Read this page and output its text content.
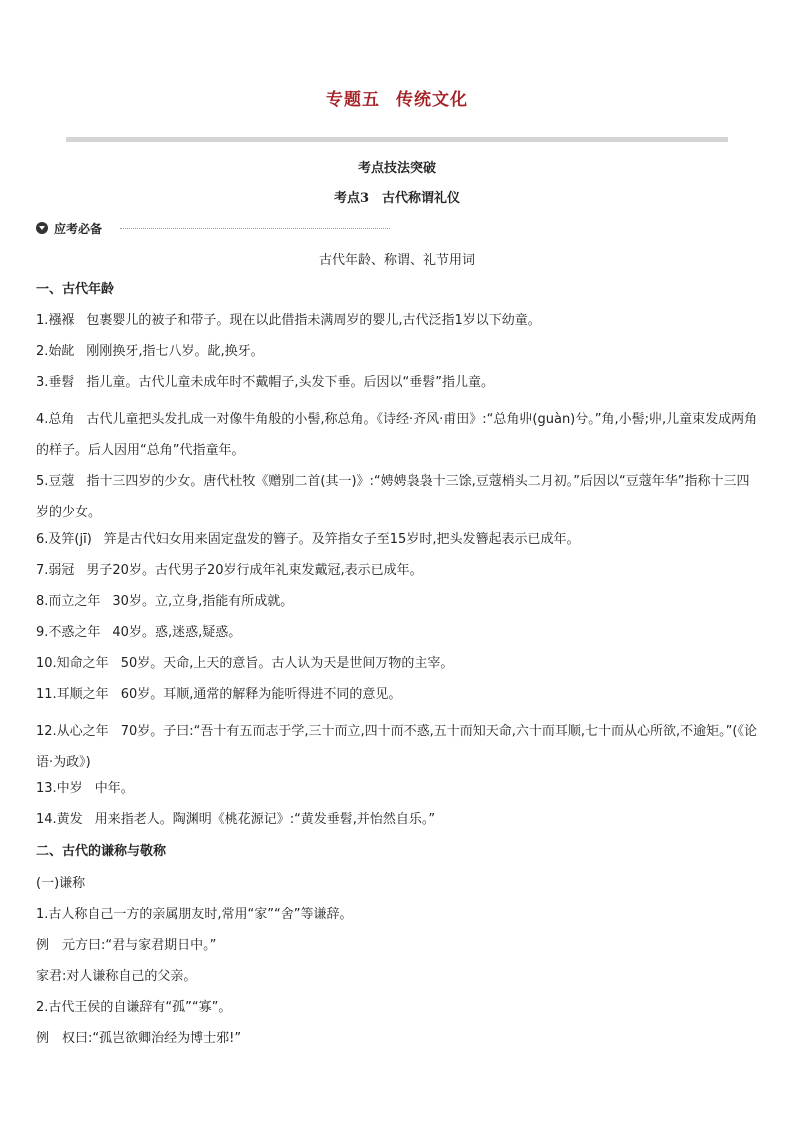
专题五 传统文化
考点技法突破
考点3　古代称谓礼仪
应考必备
古代年龄、称谓、礼节用词
一、古代年龄
1.襁褓 包裹婴儿的被子和带子。现在以此借指未满周岁的婴儿,古代泛指1岁以下幼童。
2.始龀 刚刚换牙,指七八岁。龀,换牙。
3.垂髫 指儿童。古代儿童未成年时不戴帽子,头发下垂。后因以“垂髫”指儿童。
4.总角 古代儿童把头发扎成一对像牛角般的小髻,称总角。《诗经·齐风·甫田》:“总角丱(guàn)兮。”角,小髻;丱,儿童束发成两角的样子。后人因用“总角”代指童年。
5.豆蔻 指十三四岁的少女。唐代杜牧《赠别二首(其一)》:“娉娉袅袅十三馀,豆蔻梢头二月初。”后因以“豆蔻年华”指称十三四岁的少女。
6.及笄(jī) 笄是古代妇女用来固定盘发的簪子。及笄指女子至15岁时,把头发簪起表示已成年。
7.弱冠 男子20岁。古代男子20岁行成年礼束发戴冠,表示已成年。
8.而立之年 30岁。立,立身,指能有所成就。
9.不惑之年 40岁。惑,迷惑,疑惑。
10.知命之年 50岁。天命,上天的意旨。古人认为天是世间万物的主宰。
11.耳顺之年 60岁。耳顺,通常的解释为能听得进不同的意见。
12.从心之年 70岁。子曰:“吾十有五而志于学,三十而立,四十而不惑,五十而知天命,六十而耳顺,七十而从心所欲,不逾矩。”(《论语·为政》)
13.中岁 中年。
14.黄发 用来指老人。陶渊明《桃花源记》:“黄发垂髫,并怡然自乐。”
二、古代的谦称与敬称
(一)谦称
1.古人称自己一方的亲属朋友时,常用“家”“舍”等谦辞。
例　元方曰:“君与家君期日中。”
家君:对人谦称自己的父亲。
2.古代王侯的自谦辞有“孤”“寡”。
例　权曰:“孤岂欲卿治经为博士邪!”
